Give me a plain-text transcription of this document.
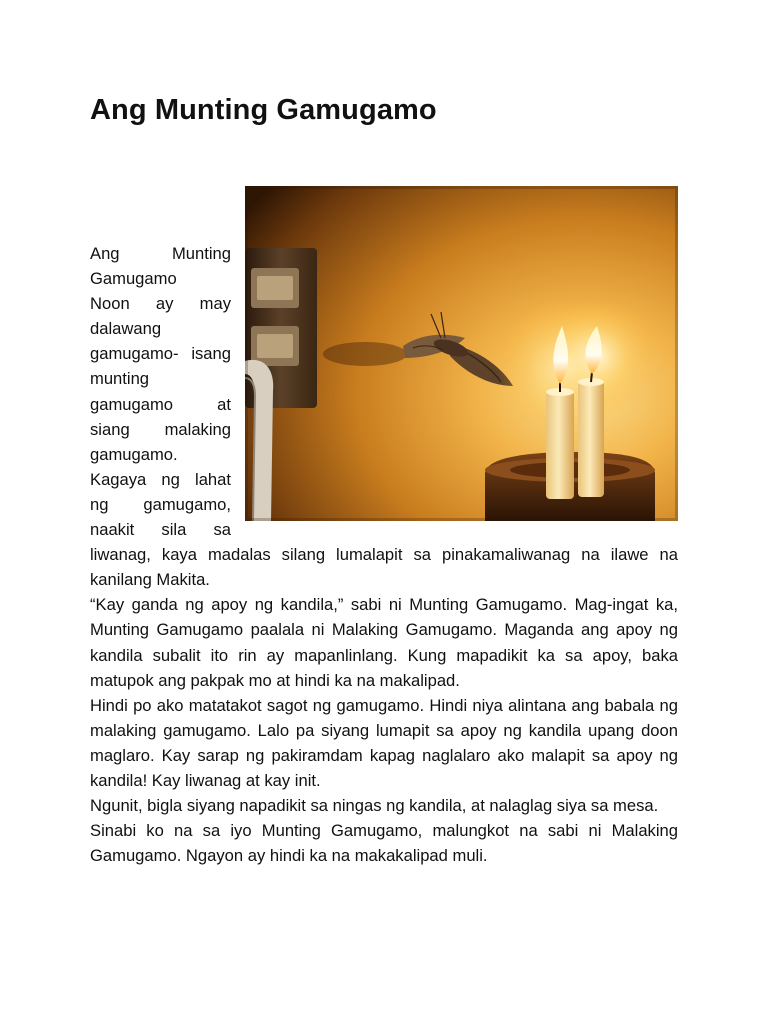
Ang Munting Gamugamo

Ang Munting Gamugamo

Noon ay may dalawang gamugamo- isang munting gamugamo at siang malaking gamugamo. Kagaya ng lahat ng gamugamo, naakit sila sa liwanag, kaya madalas silang lumalapit sa pinakamaliwanag na ilawe na kanilang Makita.

“Kay ganda ng apoy ng kandila,” sabi ni Munting Gamugamo. Mag-ingat ka, Munting Gamugamo paalala ni Malaking Gamugamo. Maganda ang apoy ng kandila subalit ito rin ay mapanlinlang. Kung mapadikit ka sa apoy, baka matupok ang pakpak mo at hindi ka na makalipad.

Hindi po ako matatakot sagot ng gamugamo. Hindi niya alintana ang babala ng malaking gamugamo. Lalo pa siyang lumapit sa apoy ng kandila upang doon maglaro. Kay sarap ng pakiramdam kapag naglalaro ako malapit sa apoy ng kandila! Kay liwanag at kay init.

Ngunit, bigla siyang napadikit sa ningas ng kandila, at nalaglag siya sa mesa.

Sinabi ko na sa iyo Munting Gamugamo, malungkot na sabi ni Malaking Gamugamo. Ngayon ay hindi ka na makakalipad muli.
